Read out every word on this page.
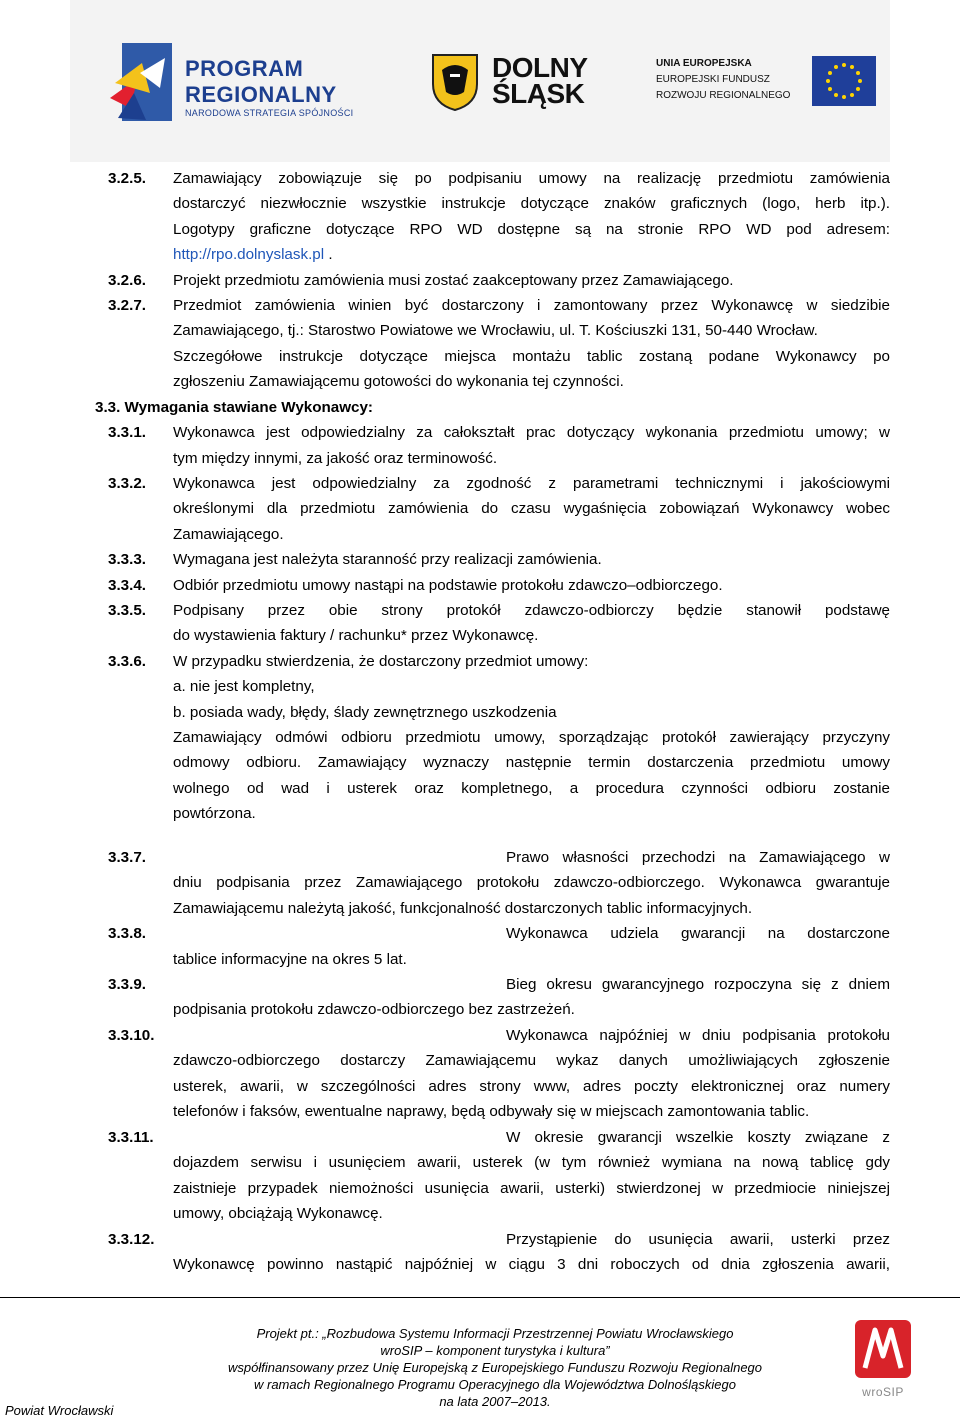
PROGRAM
REGIONALNY
NARODOWA STRATEGIA SPÓJNOŚCI
DOLNY
ŚLĄSK
UNIA EUROPEJSKA
EUROPEJSKI FUNDUSZ
ROZWOJU REGIONALNEGO
3.2.5. Zamawiający zobowiązuje się po podpisaniu umowy na realizację przedmiotu zamówienia
dostarczyć niezwłocznie wszystkie instrukcje dotyczące znaków graficznych (logo, herb itp.).
Logotypy graficzne dotyczące RPO WD dostępne są na stronie RPO WD pod adresem:
http://rpo.dolnyslask.pl .
3.2.6. Projekt przedmiotu zamówienia musi zostać zaakceptowany przez Zamawiającego.
3.2.7. Przedmiot zamówienia winien być dostarczony i zamontowany przez Wykonawcę w siedzibie
Zamawiającego, tj.: Starostwo Powiatowe we Wrocławiu, ul. T. Kościuszki 131, 50-440 Wrocław.
Szczegółowe instrukcje dotyczące miejsca montażu tablic zostaną podane Wykonawcy po
zgłoszeniu Zamawiającemu gotowości do wykonania tej czynności.
3.3. Wymagania stawiane Wykonawcy:
3.3.1. Wykonawca jest odpowiedzialny za całokształt prac dotyczący wykonania przedmiotu umowy; w
tym między innymi, za jakość oraz terminowość.
3.3.2. Wykonawca jest odpowiedzialny za zgodność z parametrami technicznymi i jakościowymi
określonymi dla przedmiotu zamówienia do czasu wygaśnięcia zobowiązań Wykonawcy wobec
Zamawiającego.
3.3.3. Wymagana jest należyta staranność przy realizacji zamówienia.
3.3.4. Odbiór przedmiotu umowy nastąpi na podstawie protokołu zdawczo–odbiorczego.
3.3.5. Podpisany przez obie strony protokół zdawczo-odbiorczy będzie stanowił podstawę
do wystawienia faktury / rachunku* przez Wykonawcę.
3.3.6. W przypadku stwierdzenia, że dostarczony przedmiot umowy:
a. nie jest kompletny,
b. posiada wady, błędy, ślady zewnętrznego uszkodzenia
Zamawiający odmówi odbioru przedmiotu umowy, sporządzając protokół zawierający przyczyny
odmowy odbioru. Zamawiający wyznaczy następnie termin dostarczenia przedmiotu umowy
wolnego od wad i usterek oraz kompletnego, a procedura czynności odbioru zostanie
powtórzona.
3.3.7.	Prawo własności przechodzi na Zamawiającego w
dniu podpisania przez Zamawiającego protokołu zdawczo-odbiorczego. Wykonawca gwarantuje
Zamawiającemu należytą jakość, funkcjonalność dostarczonych tablic informacyjnych.
3.3.8.	Wykonawca udziela gwarancji na dostarczone
tablice informacyjne na okres 5 lat.
3.3.9.	Bieg okresu gwarancyjnego rozpoczyna się z dniem
podpisania protokołu zdawczo-odbiorczego bez zastrzeżeń.
3.3.10.	Wykonawca najpóźniej w dniu podpisania protokołu
zdawczo-odbiorczego dostarczy Zamawiającemu wykaz danych umożliwiających zgłoszenie
usterek, awarii, w szczególności adres strony www, adres poczty elektronicznej oraz numery
telefonów i faksów, ewentualne naprawy, będą odbywały się w miejscach zamontowania tablic.
3.3.11.	W okresie gwarancji wszelkie koszty związane z
dojazdem serwisu i usunięciem awarii, usterek (w tym również wymiana na nową tablicę gdy
zaistnieje przypadek niemożności usunięcia awarii, usterki) stwierdzonej w przedmiocie niniejszej
umowy, obciążają Wykonawcę.
3.3.12.	Przystąpienie do usunięcia awarii, usterki przez
Wykonawcę powinno nastąpić najpóźniej w ciągu 3 dni roboczych od dnia zgłoszenia awarii,
Projekt pt.: „Rozbudowa Systemu Informacji Przestrzennej Powiatu Wrocławskiego
wroSIP – komponent turystyka i kultura”
współfinansowany przez Unię Europejską z Europejskiego Funduszu Rozwoju Regionalnego
w ramach Regionalnego Programu Operacyjnego dla Województwa Dolnośląskiego
na lata 2007–2013.
Powiat Wrocławski
wroSIP
